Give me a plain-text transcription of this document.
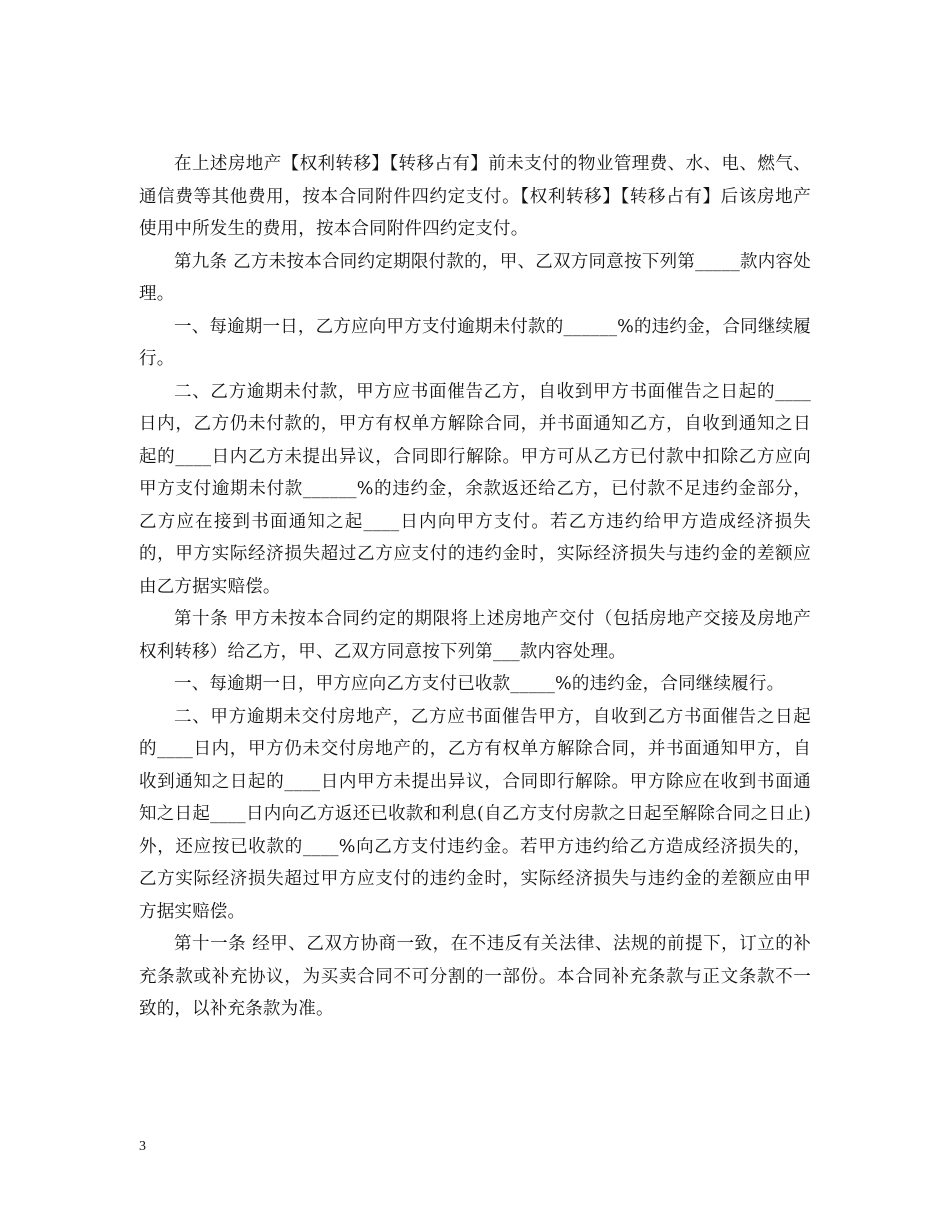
在上述房地产【权利转移】【转移占有】前未支付的物业管理费、水、电、燃气、通信费等其他费用，按本合同附件四约定支付。【权利转移】【转移占有】后该房地产使用中所发生的费用，按本合同附件四约定支付。

第九条 乙方未按本合同约定期限付款的，甲、乙双方同意按下列第_____款内容处理。

一、每逾期一日，乙方应向甲方支付逾期未付款的______%的违约金，合同继续履行。

二、乙方逾期未付款，甲方应书面催告乙方，自收到甲方书面催告之日起的____日内，乙方仍未付款的，甲方有权单方解除合同，并书面通知乙方，自收到通知之日起的____日内乙方未提出异议，合同即行解除。甲方可从乙方已付款中扣除乙方应向甲方支付逾期未付款______%的违约金，余款返还给乙方，已付款不足违约金部分，乙方应在接到书面通知之起____日内向甲方支付。若乙方违约给甲方造成经济损失的，甲方实际经济损失超过乙方应支付的违约金时，实际经济损失与违约金的差额应由乙方据实赔偿。

第十条 甲方未按本合同约定的期限将上述房地产交付（包括房地产交接及房地产权利转移）给乙方，甲、乙双方同意按下列第___款内容处理。

一、每逾期一日，甲方应向乙方支付已收款_____%的违约金，合同继续履行。

二、甲方逾期未交付房地产，乙方应书面催告甲方，自收到乙方书面催告之日起的____日内，甲方仍未交付房地产的，乙方有权单方解除合同，并书面通知甲方，自收到通知之日起的____日内甲方未提出异议，合同即行解除。甲方除应在收到书面通知之日起____日内向乙方返还已收款和利息(自乙方支付房款之日起至解除合同之日止)外，还应按已收款的____%向乙方支付违约金。若甲方违约给乙方造成经济损失的，乙方实际经济损失超过甲方应支付的违约金时，实际经济损失与违约金的差额应由甲方据实赔偿。

第十一条 经甲、乙双方协商一致，在不违反有关法律、法规的前提下，订立的补充条款或补充协议，为买卖合同不可分割的一部份。本合同补充条款与正文条款不一致的，以补充条款为准。

3
